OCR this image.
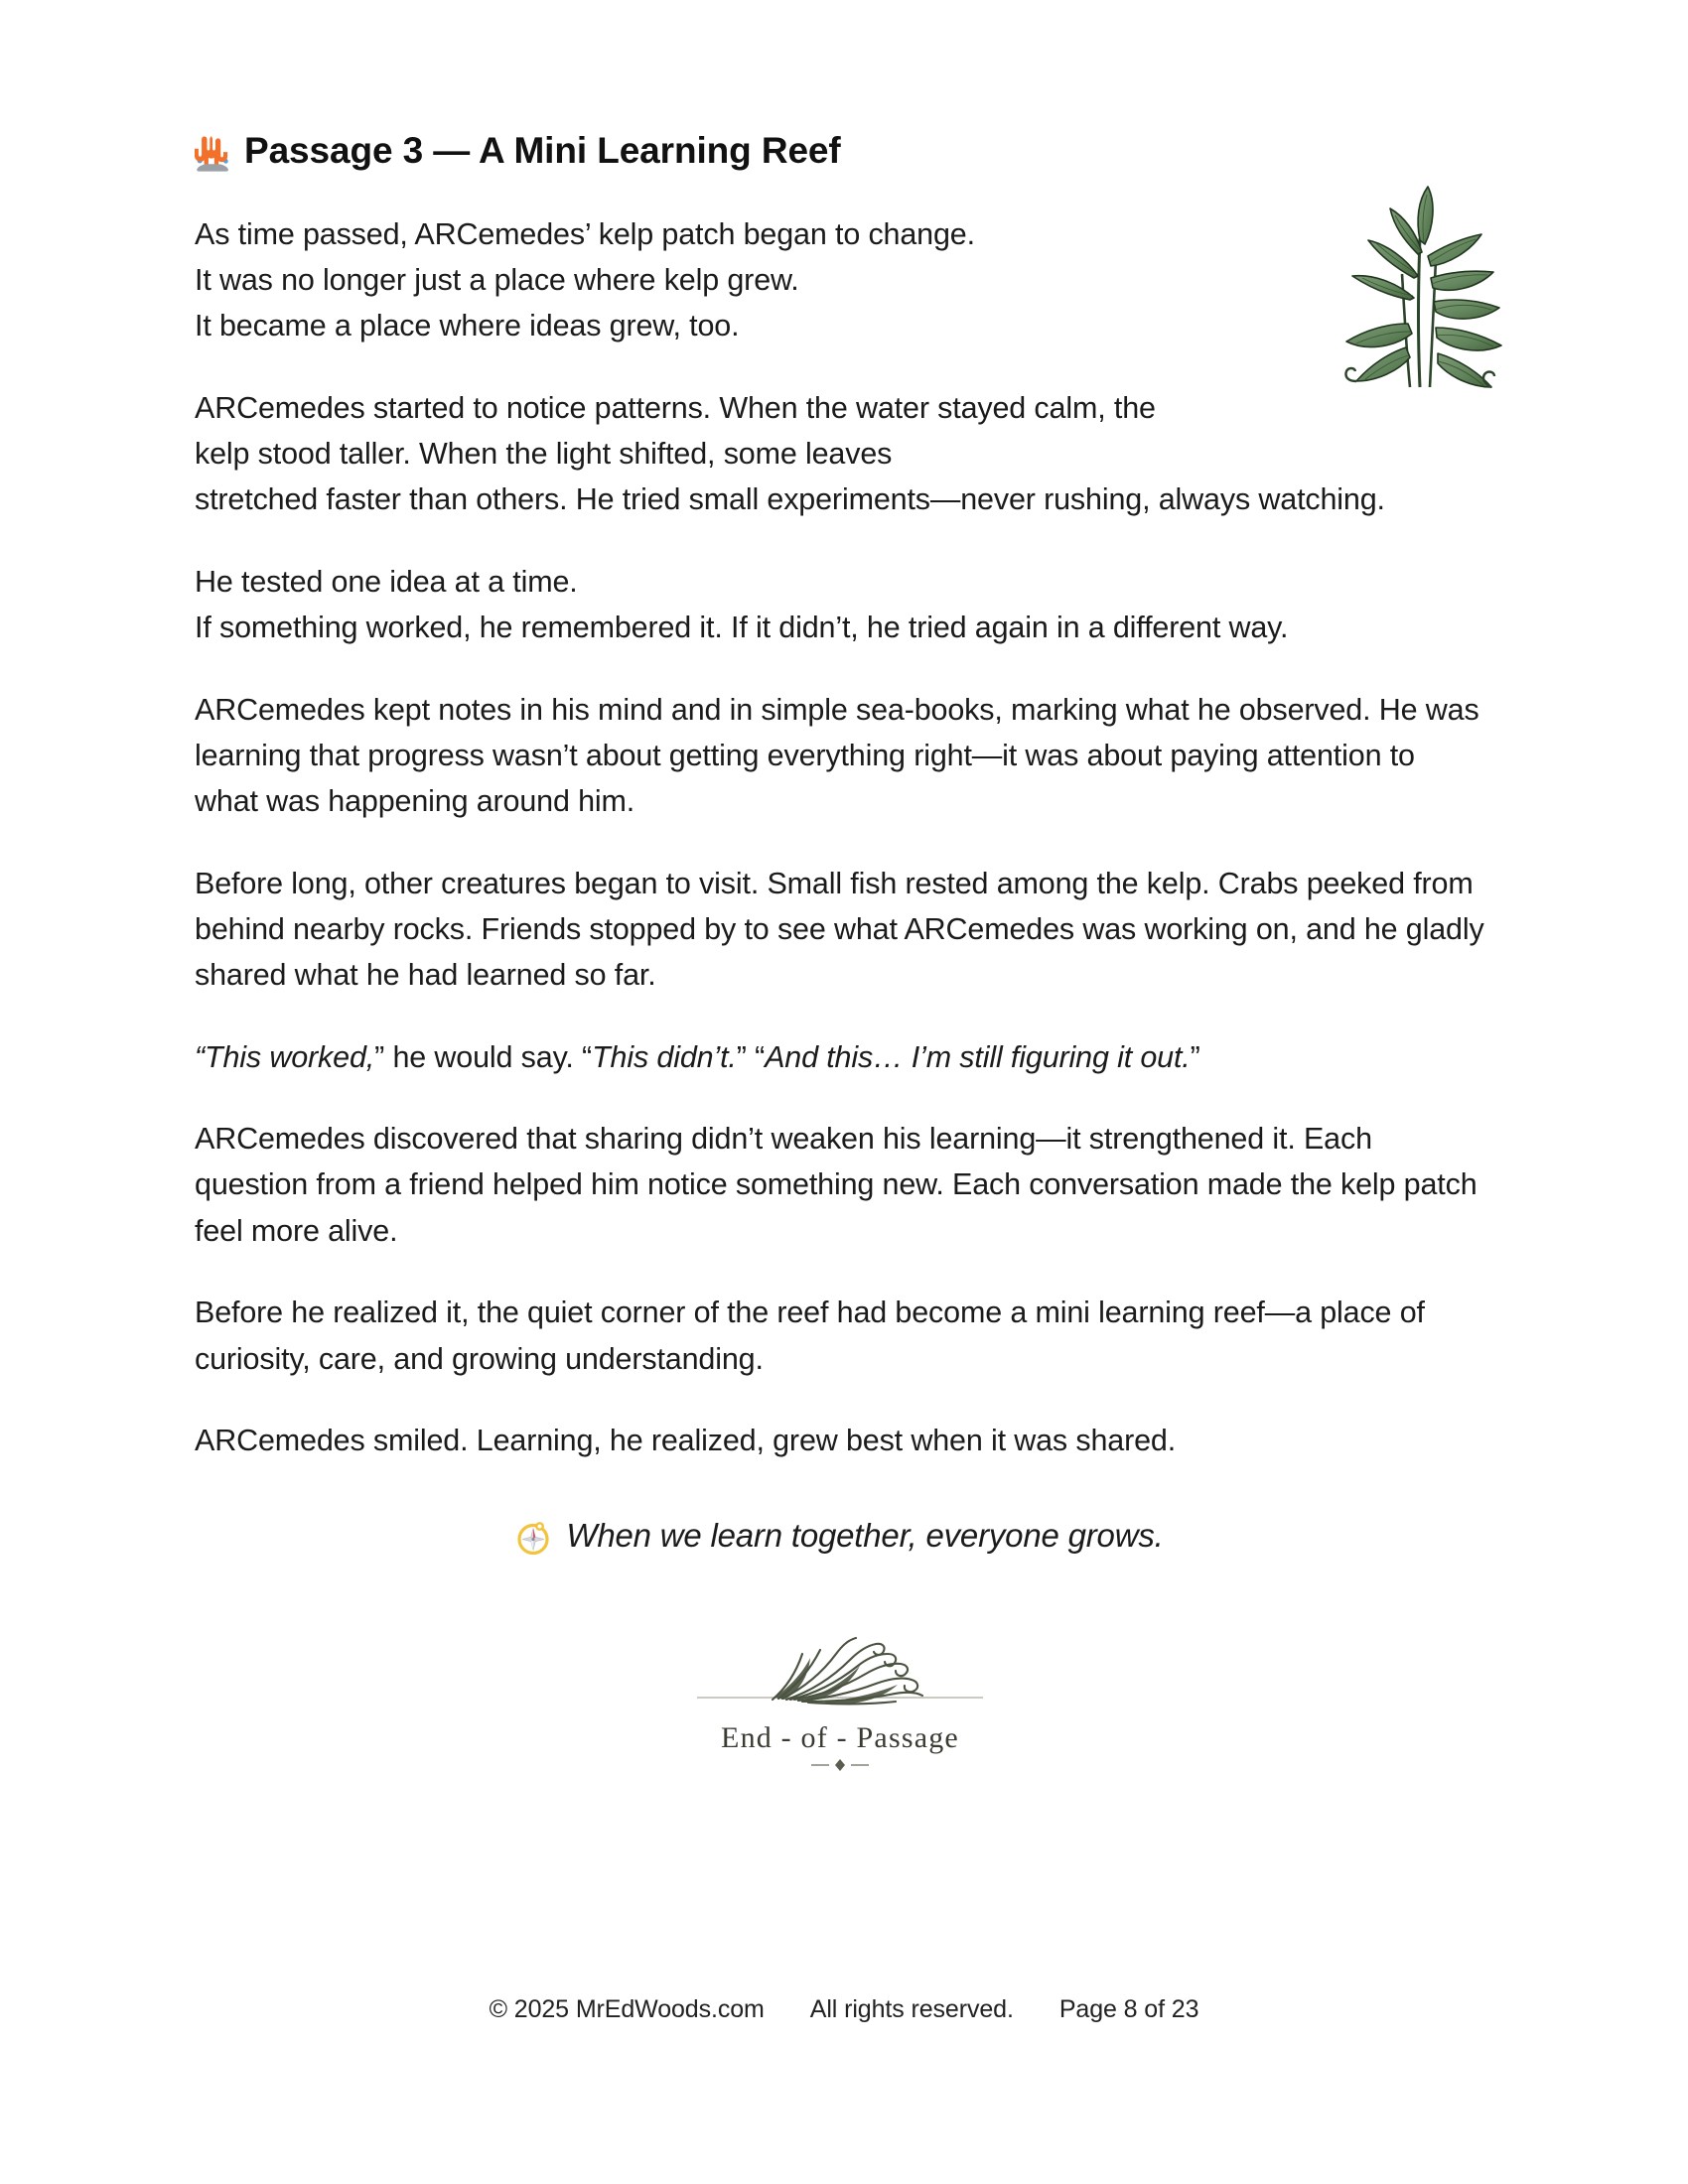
Passage 3 — A Mini Learning Reef

As time passed, ARCemedes’ kelp patch began to change.
It was no longer just a place where kelp grew.
It became a place where ideas grew, too.

ARCemedes started to notice patterns. When the water stayed calm, the kelp stood taller. When the light shifted, some leaves
stretched faster than others. He tried small experiments—never rushing, always watching.

He tested one idea at a time.
If something worked, he remembered it. If it didn’t, he tried again in a different way.

ARCemedes kept notes in his mind and in simple sea-books, marking what he observed. He was learning that progress wasn’t about getting everything right—it was about paying attention to what was happening around him.

Before long, other creatures began to visit. Small fish rested among the kelp. Crabs peeked from behind nearby rocks. Friends stopped by to see what ARCemedes was working on, and he gladly shared what he had learned so far.

“This worked,” he would say. “This didn’t.” “And this… I’m still figuring it out.”

ARCemedes discovered that sharing didn’t weaken his learning—it strengthened it. Each question from a friend helped him notice something new. Each conversation made the kelp patch feel more alive.

Before he realized it, the quiet corner of the reef had become a mini learning reef—a place of curiosity, care, and growing understanding.

ARCemedes smiled. Learning, he realized, grew best when it was shared.

When we learn together, everyone grows.
End - of - Passage
© 2025 MrEdWoods.com All rights reserved. Page 8 of 23
